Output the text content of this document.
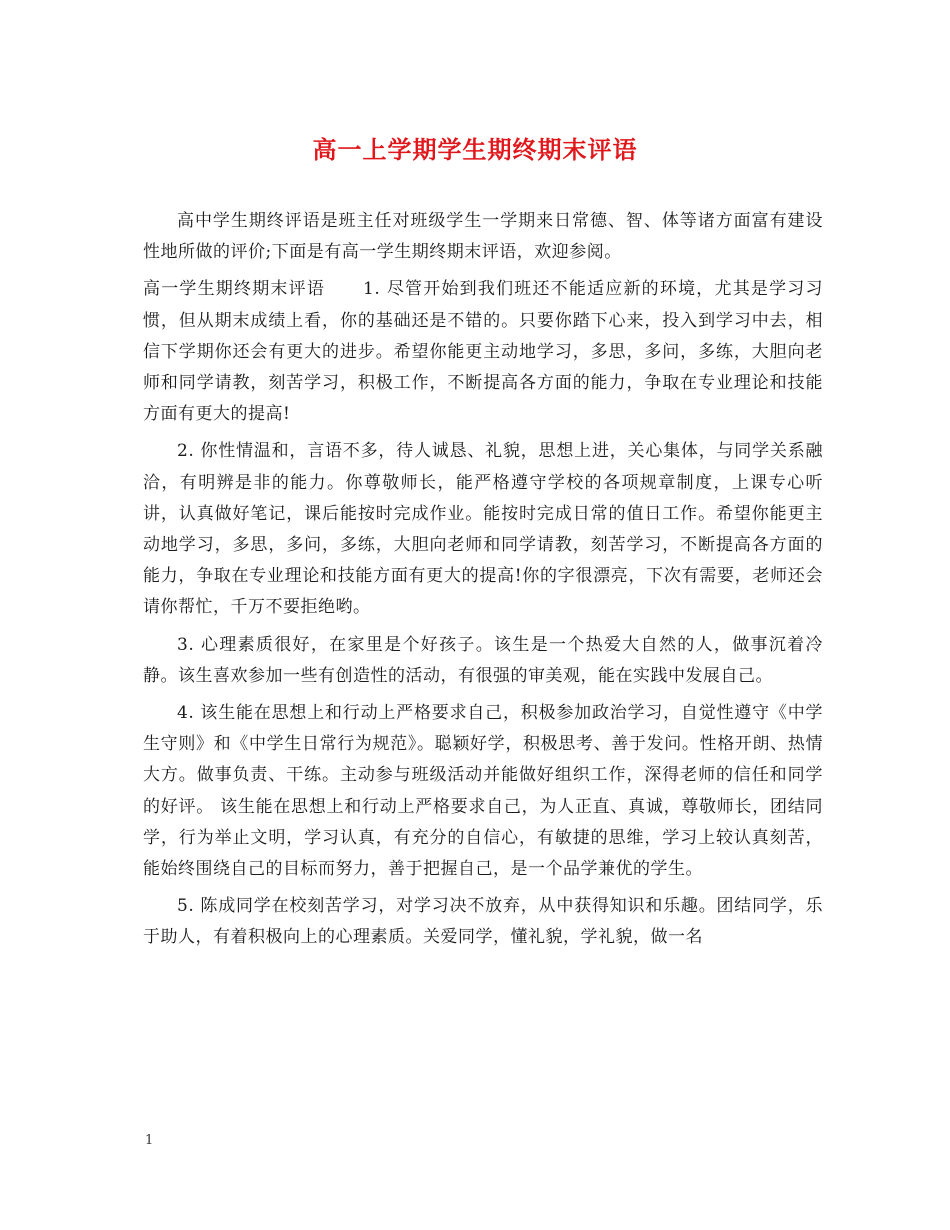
高一上学期学生期终期末评语

高中学生期终评语是班主任对班级学生一学期来日常德、智、体等诸方面富有建设性地所做的评价;下面是有高一学生期终期末评语，欢迎参阅。

高一学生期终期末评语 1. 尽管开始到我们班还不能适应新的环境，尤其是学习习惯，但从期末成绩上看，你的基础还是不错的。只要你踏下心来，投入到学习中去，相信下学期你还会有更大的进步。希望你能更主动地学习，多思，多问，多练，大胆向老师和同学请教，刻苦学习，积极工作，不断提高各方面的能力，争取在专业理论和技能方面有更大的提高!

2. 你性情温和，言语不多，待人诚恳、礼貌，思想上进，关心集体，与同学关系融洽，有明辨是非的能力。你尊敬师长，能严格遵守学校的各项规章制度，上课专心听讲，认真做好笔记，课后能按时完成作业。能按时完成日常的值日工作。希望你能更主动地学习，多思，多问，多练，大胆向老师和同学请教，刻苦学习，不断提高各方面的能力，争取在专业理论和技能方面有更大的提高!你的字很漂亮，下次有需要，老师还会请你帮忙，千万不要拒绝哟。

3. 心理素质很好，在家里是个好孩子。该生是一个热爱大自然的人，做事沉着冷静。该生喜欢参加一些有创造性的活动，有很强的审美观，能在实践中发展自己。

4. 该生能在思想上和行动上严格要求自己，积极参加政治学习，自觉性遵守《中学生守则》和《中学生日常行为规范》。聪颖好学，积极思考、善于发问。性格开朗、热情大方。做事负责、干练。主动参与班级活动并能做好组织工作，深得老师的信任和同学的好评。 该生能在思想上和行动上严格要求自己，为人正直、真诚，尊敬师长，团结同学，行为举止文明，学习认真，有充分的自信心，有敏捷的思维，学习上较认真刻苦，能始终围绕自己的目标而努力，善于把握自己，是一个品学兼优的学生。

5. 陈成同学在校刻苦学习，对学习决不放弃，从中获得知识和乐趣。团结同学，乐于助人，有着积极向上的心理素质。关爱同学，懂礼貌，学礼貌，做一名

1
